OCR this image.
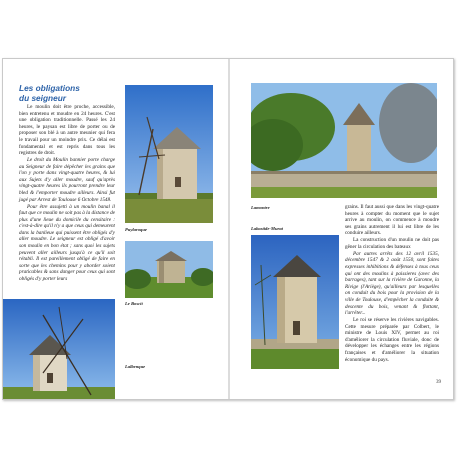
Les obligations
du seigneur

Le moulin doit être proche, accessible, bien entretenu et moudre en 24 heures. C'est une obligation traditionnelle. Passé les 24 heures, le paysan est libre de porter ou de proposer son blé à un autre meunier qui fera le travail pour un moindre prix. Ce délai est fondamental et est repris dans tous les registres de droit.

Le droit du Moulin bannier porte charge au Seigneur de faire dépêcher les grains que l'on y porte dans vingt-quatre heures, & lui aux Sujets d'y aller moudre, sauf qu'après vingt-quatre heures ils pourront prendre leur bled & l'emporter moudre ailleurs. Ainsi fut jugé par Arrest de Toulouse 6 Octobre 1548.

Pour être assujetti à un moulin banal il faut que ce moulin ne soit pas à la distance de plus d'une lieue du domicile du censitaire : c'est-à-dire qu'il n'y a que ceux qui demeurent dans la banlieue qui puissent être obligés d'y aller moudre. Le seigneur est obligé d'avoir son moulin en bon état ; sans quoi les sujets peuvent aller ailleurs jusqu'à ce qu'il soit rétabli. Il est pareillement obligé de faire en sorte que les chemins pour y aborder soient praticables & sans danger pour ceux qui sont obligés d'y porter leurs

Puylaroque
Le Boscit
Lalbenque
Lamontre
Labastide-Murat

grains. Il faut aussi que dans les vingt-quatre heures à compter du moment que le sujet arrive au moulin, on commence à moudre ses grains autrement il lui est libre de les conduire ailleurs.

La construction d'un moulin ne doit pas gêner la circulation des bateaux

Par autres arrêts des 12 avril 1535, décembre 1547 & 2 août 1550, sont faites expresses inhibitions & défenses à tous ceux qui ont des moulins à paissieres (avec des barrages), tant sur la rivière de Garonne, la Rivige (l'Ariège), qu'ailleurs par lesquelles on conduit du bois pour la provision de la ville de Toulouse, d'empêcher la conduite & descente du bois, venant & flottant, l'arrêter...

Le roi se réserve les rivières navigables. Cette mesure préparée par Colbert, le ministre de Louis XIV, permet au roi d'améliorer la circulation fluviale, donc de développer les échanges entre les régions françaises et d'améliorer la situation économique du pays.

39
